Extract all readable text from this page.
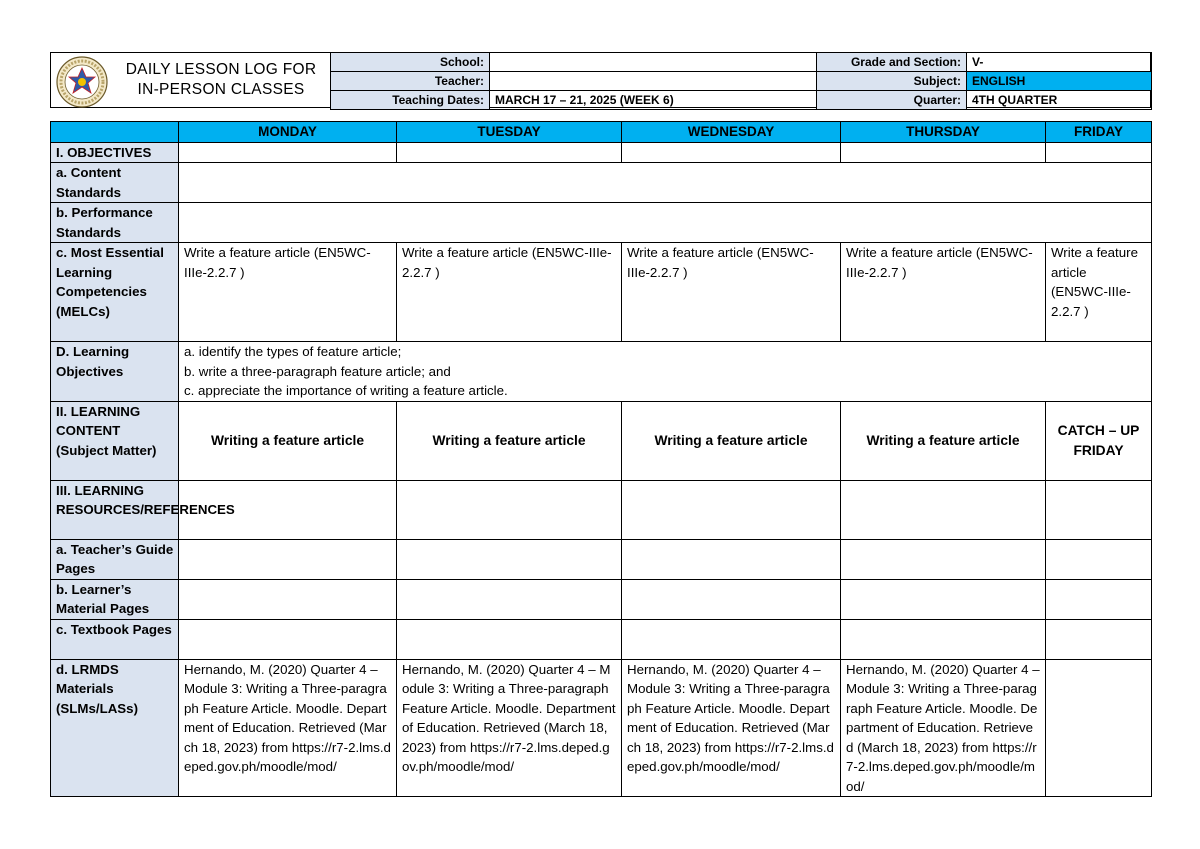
DAILY LESSON LOG FOR
IN-PERSON CLASSES
School:		Grade and Section:	V-
Teacher:		Subject:	ENGLISH
Teaching Dates:	MARCH 17 – 21, 2025 (WEEK 6)	Quarter:	4TH QUARTER
	MONDAY	TUESDAY	WEDNESDAY	THURSDAY	FRIDAY
I. OBJECTIVES					
a. Content Standards					
b. Performance Standards					
c. Most Essential Learning Competencies (MELCs)	Write a feature article (EN5WC-IIIe-2.2.7 )	Write a feature article (EN5WC-IIIe-2.2.7 )	Write a feature article (EN5WC-IIIe-2.2.7 )	Write a feature article (EN5WC-IIIe-2.2.7 )	Write a feature article (EN5WC-IIIe-2.2.7 )
D. Learning Objectives	a. identify the types of feature article;
b. write a three-paragraph feature article; and
c. appreciate the importance of writing a feature article.				

II. LEARNING CONTENT (Subject Matter)	Writing a feature article	Writing a feature article	Writing a feature article	Writing a feature article	CATCH – UP FRIDAY
III. LEARNING RESOURCES/REFERENCES					
a. Teacher’s Guide Pages					
b. Learner’s Material Pages					
c. Textbook Pages					

d. LRMDS Materials (SLMs/LASs)	Hernando, M. (2020) Quarter 4 – Module 3: Writing a Three-paragraph Feature Article. Moodle. Department of Education. Retrieved (March 18, 2023) from https://r7-2.lms.deped.gov.ph/moodle/mod/	Hernando, M. (2020) Quarter 4 – Module 3: Writing a Three-paragraph Feature Article. Moodle. Department of Education. Retrieved (March 18, 2023) from https://r7-2.lms.deped.gov.ph/moodle/mod/	Hernando, M. (2020) Quarter 4 – Module 3: Writing a Three-paragraph Feature Article. Moodle. Department of Education. Retrieved (March 18, 2023) from https://r7-2.lms.deped.gov.ph/moodle/mod/	Hernando, M. (2020) Quarter 4 – Module 3: Writing a Three-paragraph Feature Article. Moodle. Department of Education. Retrieved (March 18, 2023) from https://r7-2.lms.deped.gov.ph/moodle/mod/	
